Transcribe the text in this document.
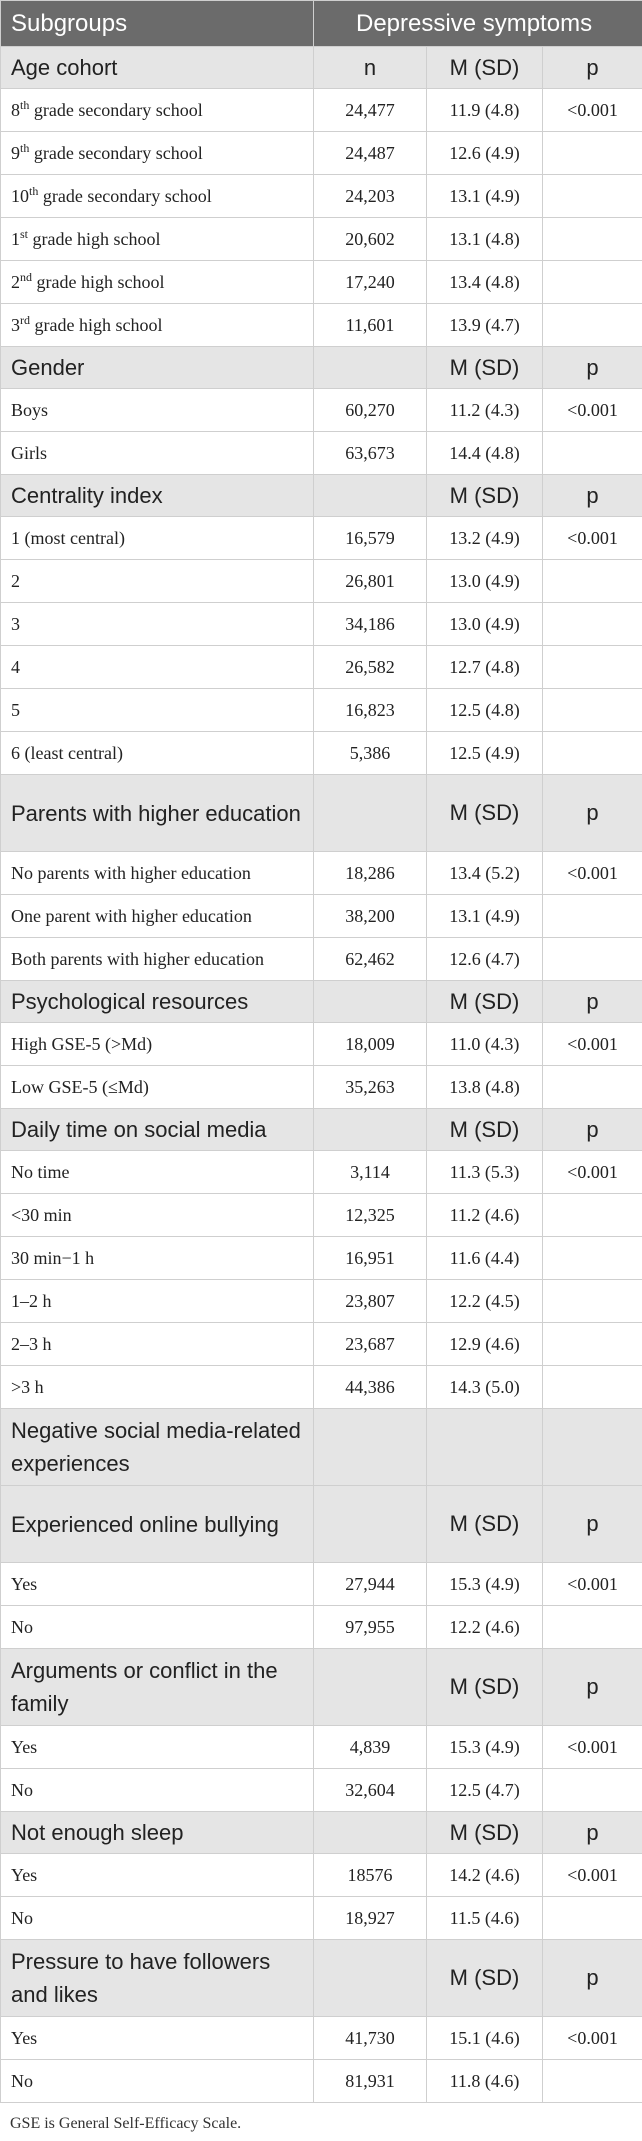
Subgroups	Depressive symptoms		
Age cohort	n	M (SD)	p
8th grade secondary school	24,477	11.9 (4.8)	<0.001
9th grade secondary school	24,487	12.6 (4.9)	
10th grade secondary school	24,203	13.1 (4.9)	
1st grade high school	20,602	13.1 (4.8)	
2nd grade high school	17,240	13.4 (4.8)	
3rd grade high school	11,601	13.9 (4.7)	
Gender		M (SD)	p
Boys	60,270	11.2 (4.3)	<0.001
Girls	63,673	14.4 (4.8)	
Centrality index		M (SD)	p
1 (most central)	16,579	13.2 (4.9)	<0.001
2	26,801	13.0 (4.9)	
3	34,186	13.0 (4.9)	
4	26,582	12.7 (4.8)	
5	16,823	12.5 (4.8)	
6 (least central)	5,386	12.5 (4.9)	
Parents with higher education		M (SD)	p
No parents with higher education	18,286	13.4 (5.2)	<0.001
One parent with higher education	38,200	13.1 (4.9)	
Both parents with higher education	62,462	12.6 (4.7)	
Psychological resources		M (SD)	p
High GSE-5 (>Md)	18,009	11.0 (4.3)	<0.001
Low GSE-5 (≤Md)	35,263	13.8 (4.8)	
Daily time on social media		M (SD)	p
No time	3,114	11.3 (5.3)	<0.001
<30 min	12,325	11.2 (4.6)	
30 min−1 h	16,951	11.6 (4.4)	
1–2 h	23,807	12.2 (4.5)	
2–3 h	23,687	12.9 (4.6)	
>3 h	44,386	14.3 (5.0)	
Negative social media-related experiences			
Experienced online bullying		M (SD)	p
Yes	27,944	15.3 (4.9)	<0.001
No	97,955	12.2 (4.6)	
Arguments or conflict in the family		M (SD)	p
Yes	4,839	15.3 (4.9)	<0.001
No	32,604	12.5 (4.7)	
Not enough sleep		M (SD)	p
Yes	18576	14.2 (4.6)	<0.001
No	18,927	11.5 (4.6)	
Pressure to have followers and likes		M (SD)	p
Yes	41,730	15.1 (4.6)	<0.001
No	81,931	11.8 (4.6)	
GSE is General Self-Efficacy Scale.
